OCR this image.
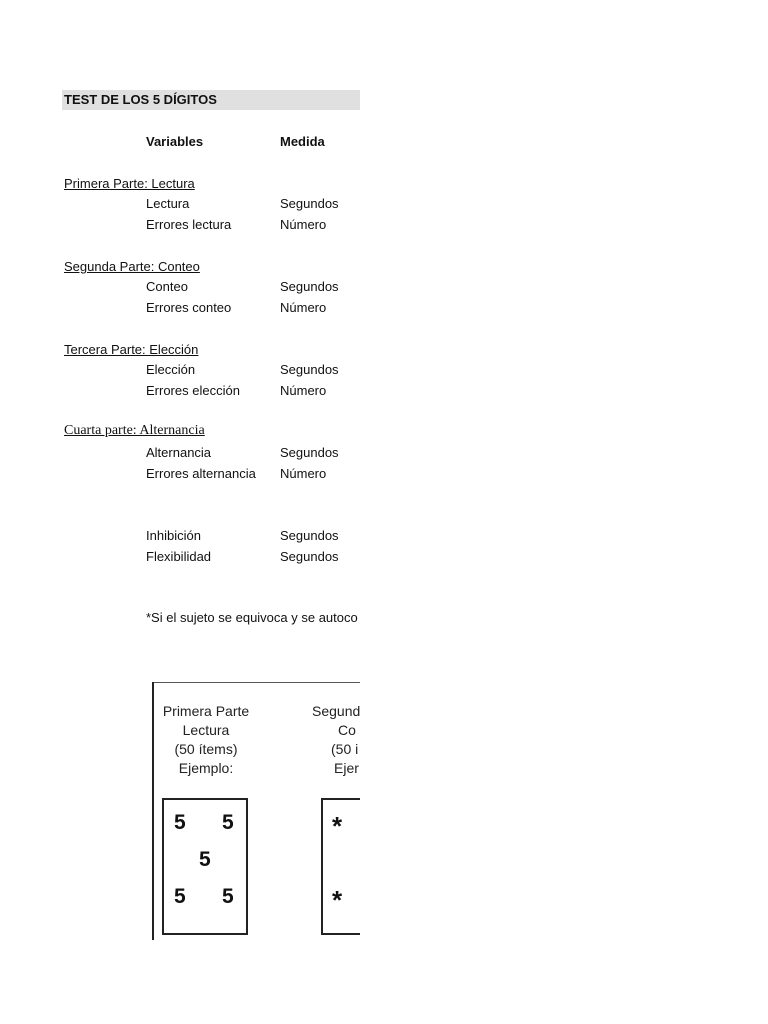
TEST DE LOS 5 DÍGITOS
Variables	Medida
Primera Parte: Lectura
Lectura	Segundos
Errores lectura	Número
Segunda Parte: Conteo
Conteo	Segundos
Errores conteo	Número
Tercera Parte: Elección
Elección	Segundos
Errores elección	Número
Cuarta parte: Alternancia
Alternancia	Segundos
Errores alternancia Número
Inhibición	Segundos
Flexibilidad	Segundos
*Si el sujeto se equivoca y se autoco
Primera Parte
Lectura
(50 ítems)
Ejemplo:
5 5
5
5 5
Segund
Co
(50 i
Ejer
*
*
